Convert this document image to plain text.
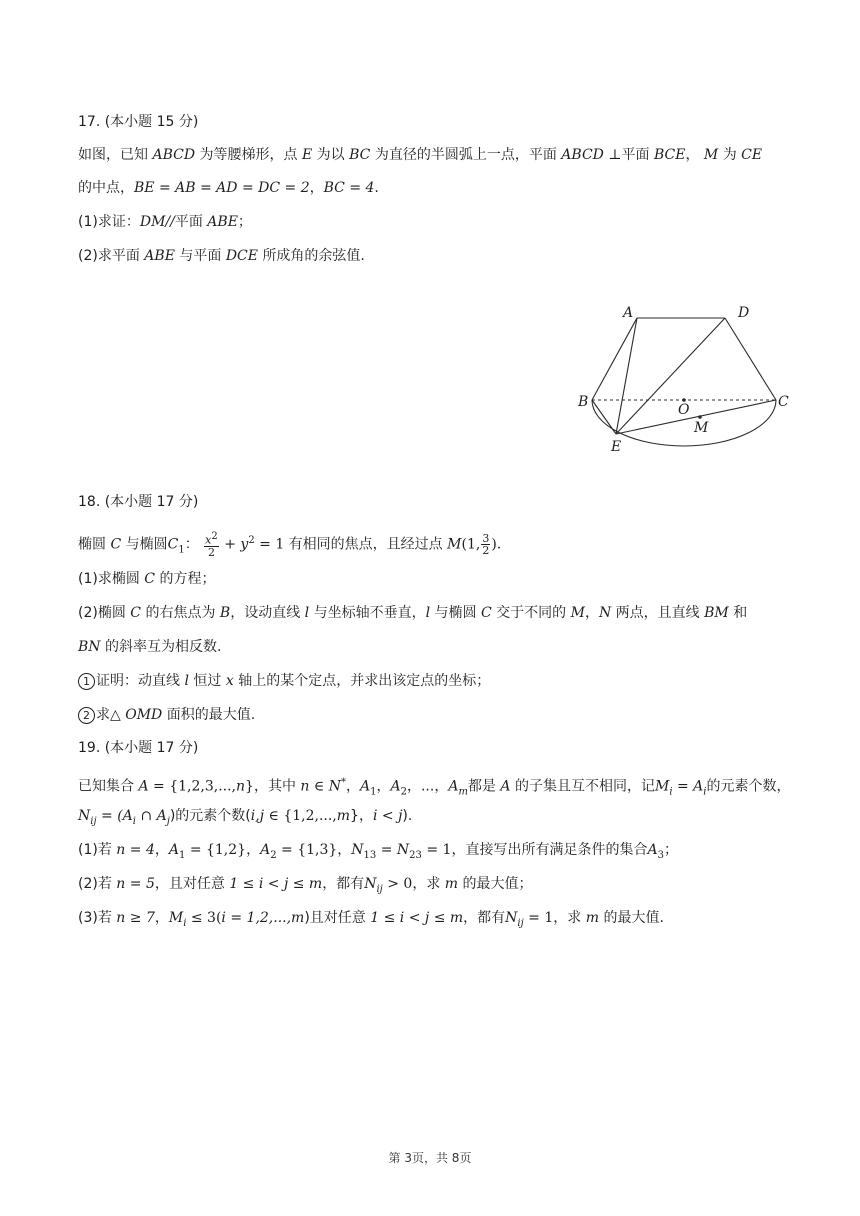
17. (本小题 15 分)
如图，已知 ABCD 为等腰梯形，点 E 为以 BC 为直径的半圆弧上一点，平面 ABCD ⊥平面 BCE， M 为 CE
的中点，BE = AB = AD = DC = 2，BC = 4.
(1)求证：DM//平面 ABE；
(2)求平面 ABE 与平面 DCE 所成角的余弦值.
A	D
B	C
O
M
E
18. (本小题 17 分)
椭圆 C 与椭圆$C_1$： $\frac{x^2}{2} + y^2 = 1$ 有相同的焦点，且经过点 M(1, $\frac{3}{2}$ ).
(1)求椭圆 C 的方程；
(2)椭圆 C 的右焦点为 B，设动直线 l 与坐标轴不垂直，l 与椭圆 C 交于不同的 M，N 两点，且直线 BM 和
BN 的斜率互为相反数.
1 证明：动直线 l 恒过 x 轴上的某个定点，并求出该定点的坐标；
2 求△ OMD 面积的最大值.
19. (本小题 17 分)
已知集合 A = {1,2,3,...,n}，其中 n ∈ N*，$A_1$，$A_2$，...，$A_m$都是 A 的子集且互不相同，记$M_i = A_i$的元素个数，
$N_{ij} = (A_i$ ∩ $A_j$)的元素个数(i,j ∈ {1,2,...,m}，i < j).
(1)若 n = 4，$A_1 = \{1,2\}$，$A_2 = \{1,3\}$，$N_{13} = N_{23} = 1$，直接写出所有满足条件的集合$A_3$；
(2)若 n = 5，且对任意 1 ≤ i < j ≤ m，都有$N_{ij} > 0$，求 m 的最大值；
(3)若 n ≥ 7，$M_i \le 3(i = 1,2,...,m)$且对任意 1 ≤ i < j ≤ m，都有$N_{ij} = 1$，求 m 的最大值.
第 3页，共 8页
